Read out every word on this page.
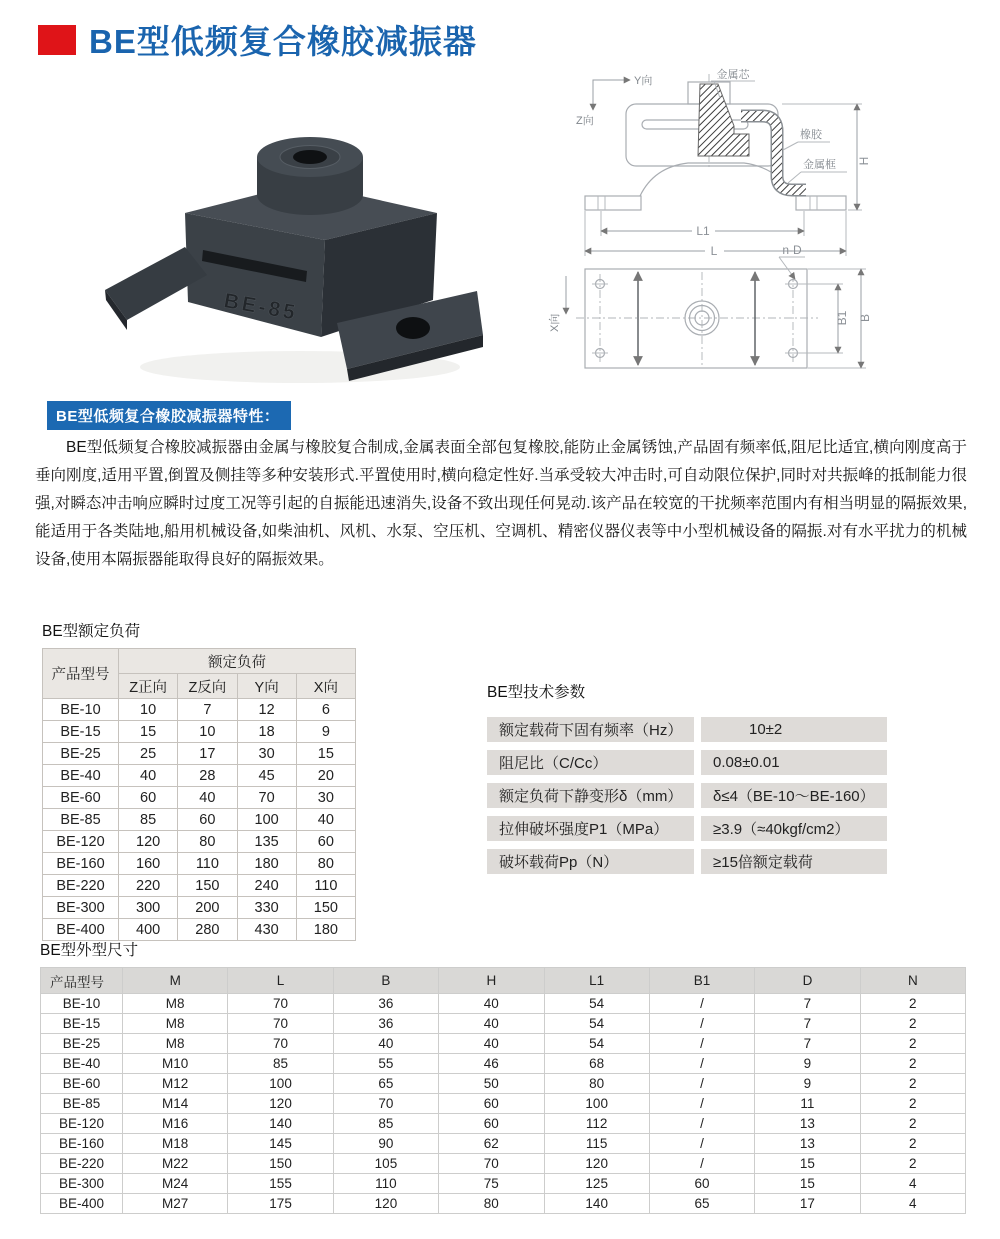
BE型低频复合橡胶减振器
BE-85
Y向
Z向
金属芯
橡胶
金属框 H
L1
L
X向
n-D
B1 B
BE型低频复合橡胶减振器特性：

BE型低频复合橡胶减振器由金属与橡胶复合制成,金属表面全部包复橡胶,能防止金属锈蚀,产品固有频率低,阻尼比适宜,横向刚度高于垂向刚度,适用平置,倒置及侧挂等多种安装形式.平置使用时,横向稳定性好.当承受较大冲击时,可自动限位保护,同时对共振峰的抵制能力很强,对瞬态冲击响应瞬时过度工况等引起的自振能迅速消失,设备不致出现任何晃动.该产品在较宽的干扰频率范围内有相当明显的隔振效果,能适用于各类陆地,船用机械设备,如柴油机、风机、水泵、空压机、空调机、精密仪器仪表等中小型机械设备的隔振.对有水平扰力的机械设备,使用本隔振器能取得良好的隔振效果。

BE型额定负荷
产品型号	额定负荷			
	Z正向	Z反向	Y向	X向
BE-10	10	7	12	6
BE-15	15	10	18	9
BE-25	25	17	30	15
BE-40	40	28	45	20
BE-60	60	40	70	30
BE-85	85	60	100	40
BE-120	120	80	135	60
BE-160	160	110	180	80
BE-220	220	150	240	110
BE-300	300	200	330	150
BE-400	400	280	430	180
BE型技术参数
额定载荷下固有频率（Hz）	10±2
阻尼比（C/Cc）	0.08±0.01
额定负荷下静变形δ（mm）	δ≤4（BE-10～BE-160）
拉伸破坏强度P1（MPa）	≥3.9（≈40kgf/cm2）
破坏载荷Pp（N）	≥15倍额定载荷
BE型外型尺寸
产品型号	M	L	B	H	L1	B1	D	N
BE-10	M8	70	36	40	54	/	7	2
BE-15	M8	70	36	40	54	/	7	2
BE-25	M8	70	40	40	54	/	7	2
BE-40	M10	85	55	46	68	/	9	2
BE-60	M12	100	65	50	80	/	9	2
BE-85	M14	120	70	60	100	/	11	2
BE-120	M16	140	85	60	112	/	13	2
BE-160	M18	145	90	62	115	/	13	2
BE-220	M22	150	105	70	120	/	15	2
BE-300	M24	155	110	75	125	60	15	4
BE-400	M27	175	120	80	140	65	17	4
